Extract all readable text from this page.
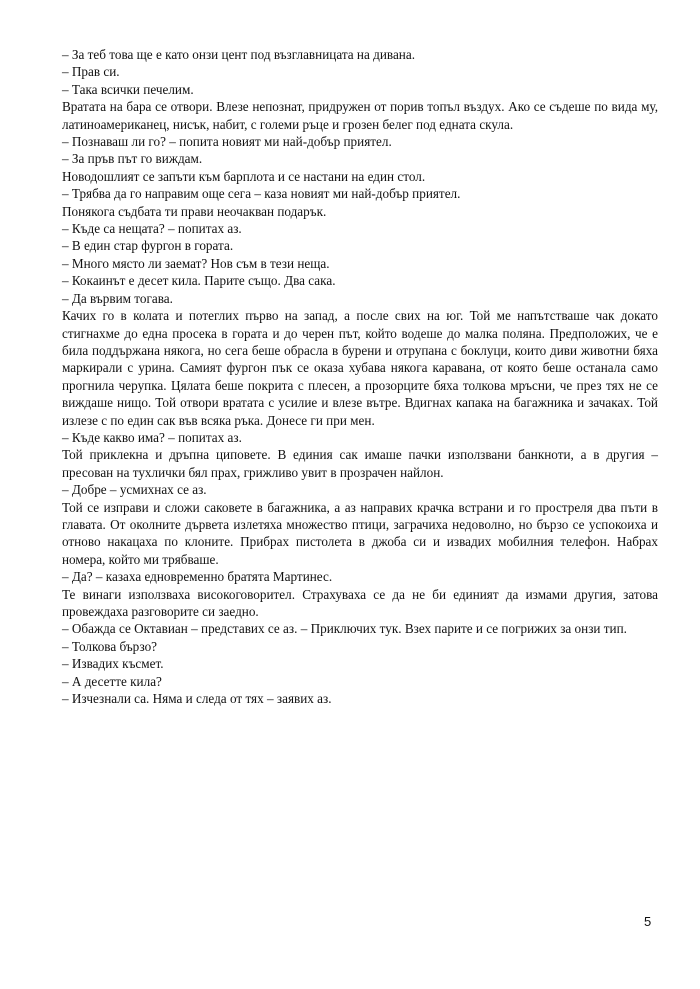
– За теб това ще е като онзи цент под възглавницата на дивана.

– Прав си.

– Така всички печелим.

Вратата на бара се отвори. Влезе непознат, придружен от порив топъл въздух. Ако се съдеше по вида му, латиноамериканец, нисък, набит, с големи ръце и грозен белег под едната скула.

– Познаваш ли го? – попита новият ми най-добър приятел.

– За пръв път го виждам.

Новодошлият се запъти към барплота и се настани на един стол.

– Трябва да го направим още сега – каза новият ми най-добър приятел.

Понякога съдбата ти прави неочакван подарък.

– Къде са нещата? – попитах аз.

– В един стар фургон в гората.

– Много място ли заемат? Нов съм в тези неща.

– Кокаинът е десет кила. Парите също. Два сака.

– Да вървим тогава.

Качих го в колата и потеглих първо на запад, а после свих на юг. Той ме напътстваше чак докато стигнахме до една просека в гората и до черен път, който водеше до малка поляна. Предположих, че е била поддържана някога, но сега беше обрасла в бурени и отрупана с боклуци, които диви животни бяха маркирали с урина. Самият фургон пък се оказа хубава някога каравана, от която беше останала само прогнила черупка. Цялата беше покрита с плесен, а прозорците бяха толкова мръсни, че през тях не се виждаше нищо. Той отвори вратата с усилие и влезе вътре. Вдигнах капака на багажника и зачаках. Той излезе с по един сак във всяка ръка. Донесе ги при мен.

– Къде какво има? – попитах аз.

Той приклекна и дръпна циповете. В единия сак имаше пачки използвани банкноти, а в другия – пресован на тухлички бял прах, грижливо увит в прозрачен найлон.

– Добре – усмихнах се аз.

Той се изправи и сложи саковете в багажника, а аз направих крачка встрани и го простреля два пъти в главата. От околните дървета излетяха множество птици, заграчиха недоволно, но бързо се успокоиха и отново накацаха по клоните. Прибрах пистолета в джоба си и извадих мобилния телефон. Набрах номера, който ми трябваше.

– Да? – казаха едновременно братята Мартинес.

Те винаги използваха високоговорител. Страхуваха се да не би единият да измами другия, затова провеждаха разговорите си заедно.

– Обажда се Октавиан – представих се аз. – Приключих тук. Взех парите и се погрижих за онзи тип.

– Толкова бързо?

– Извадих късмет.

– А десетте кила?

– Изчезнали са. Няма и следа от тях – заявих аз.

5
